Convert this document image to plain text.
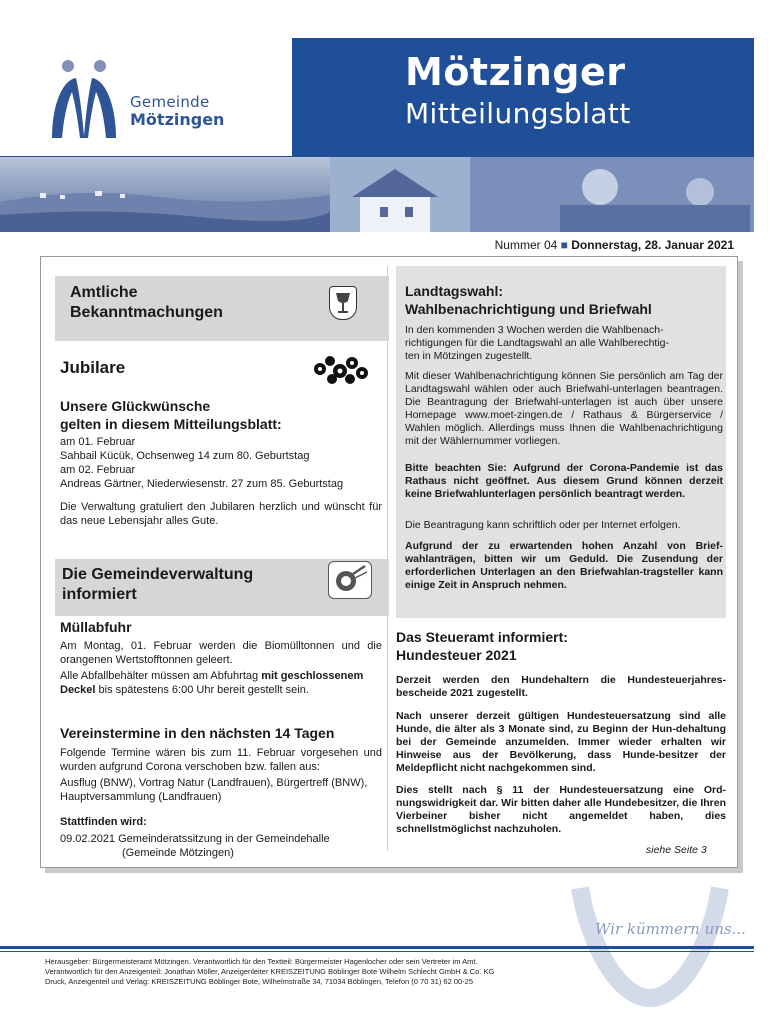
Gemeinde
Mötzingen
Mötzinger
Mitteilungsblatt
Nummer 04 ■ Donnerstag, 28. Januar 2021
Amtliche
Bekanntmachungen
Jubilare
Unsere Glückwünsche
gelten in diesem Mitteilungsblatt:
am 01. Februar
Sahbail Kücük, Ochsenweg 14 zum 80. Geburtstag
am 02. Februar
Andreas Gärtner, Niederwiesenstr. 27 zum 85. Geburtstag
Die Verwaltung gratuliert den Jubilaren herzlich und wünscht für das neue Lebensjahr alles Gute.
Die Gemeindeverwaltung
informiert
Müllabfuhr
Am Montag, 01. Februar werden die Biomülltonnen und die orangenen Wertstofftonnen geleert.
Alle Abfallbehälter müssen am Abfuhrtag mit geschlossenem
Deckel bis spätestens 6:00 Uhr bereit gestellt sein.
Vereinstermine in den nächsten 14 Tagen
Folgende Termine wären bis zum 11. Februar vorgesehen und wurden aufgrund Corona verschoben bzw. fallen aus:
Ausflug (BNW), Vortrag Natur (Landfrauen), Bürgertreff (BNW), Hauptversammlung (Landfrauen)
Stattfinden wird:
09.02.2021 Gemeinderatssitzung in der Gemeindehalle
(Gemeinde Mötzingen)
Landtagswahl:
Wahlbenachrichtigung und Briefwahl
In den kommenden 3 Wochen werden die Wahlbenach-
richtigungen für die Landtagswahl an alle Wahlberechtig-
ten in Mötzingen zugestellt.
Mit dieser Wahlbenachrichtigung können Sie persönlich am Tag der Landtagswahl wählen oder auch Briefwahl-unterlagen beantragen. Die Beantragung der Briefwahl-unterlagen ist auch über unsere Homepage www.moet-zingen.de / Rathaus & Bürgerservice / Wahlen möglich. Allerdings muss Ihnen die Wahlbenachrichtigung mit der Wählernummer vorliegen.
Bitte beachten Sie: Aufgrund der Corona-Pandemie ist das Rathaus nicht geöffnet. Aus diesem Grund können derzeit keine Briefwahlunterlagen persönlich beantragt werden.
Die Beantragung kann schriftlich oder per Internet erfolgen.
Aufgrund der zu erwartenden hohen Anzahl von Brief-wahlanträgen, bitten wir um Geduld. Die Zusendung der erforderlichen Unterlagen an den Briefwahlan-tragsteller kann einige Zeit in Anspruch nehmen.
Das Steueramt informiert:
Hundesteuer 2021
Derzeit werden den Hundehaltern die Hundesteuerjahres-bescheide 2021 zugestellt.
Nach unserer derzeit gültigen Hundesteuersatzung sind alle Hunde, die älter als 3 Monate sind, zu Beginn der Hun-dehaltung bei der Gemeinde anzumelden. Immer wieder erhalten wir Hinweise aus der Bevölkerung, dass Hunde-besitzer der Meldepflicht nicht nachgekommen sind.
Dies stellt nach § 11 der Hundesteuersatzung eine Ord-nungswidrigkeit dar. Wir bitten daher alle Hundebesitzer, die Ihren Vierbeiner bisher nicht angemeldet haben, dies schnellstmöglichst nachzuholen.
siehe Seite 3
Wir kümmern uns...
Herausgeber: Bürgermeisteramt Mötzingen. Verantwortlich für den Textteil: Bürgermeister Hagenlocher oder sein Vertreter im Amt.
Verantwortlich für den Anzeigenteil: Jonathan Möller, Anzeigenleiter KREISZEITUNG Böblinger Bote Wilhelm Schlecht GmbH & Co. KG
Druck, Anzeigenteil und Verlag: KREISZEITUNG Böblinger Bote, Wilhelmstraße 34, 71034 Böblingen, Telefon (0 70 31) 62 00-25
